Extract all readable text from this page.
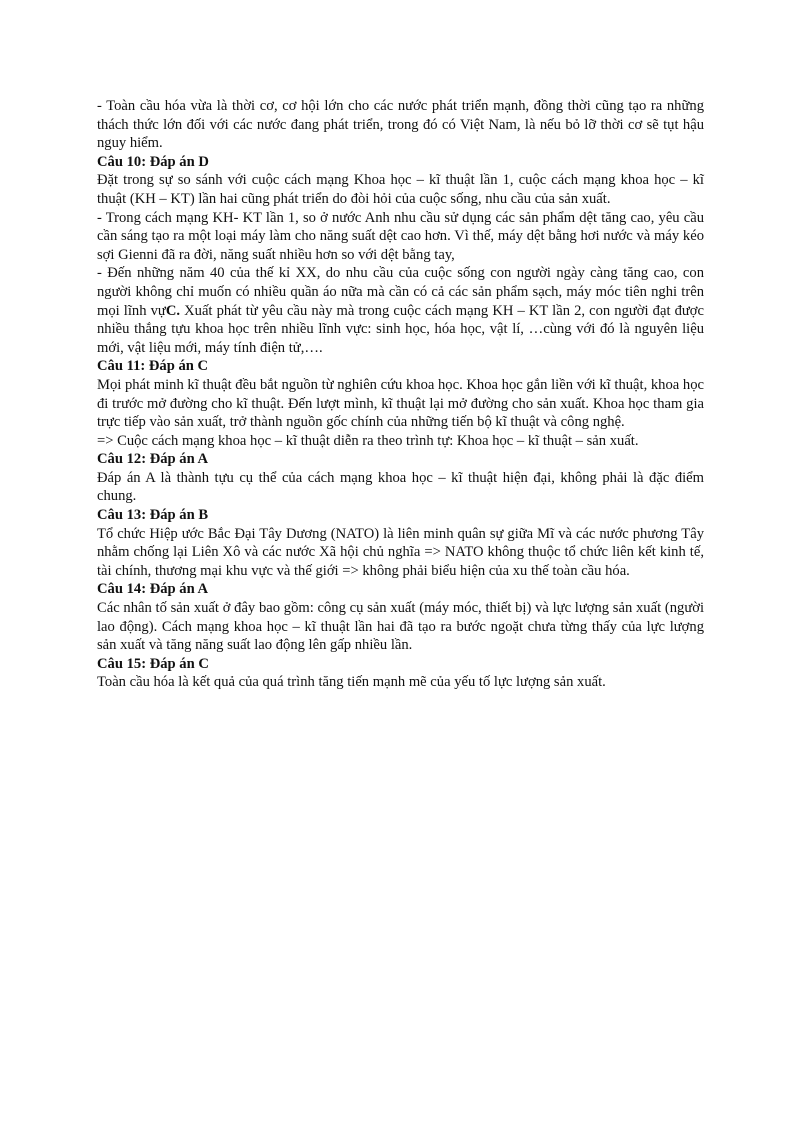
- Toàn cầu hóa vừa là thời cơ, cơ hội lớn cho các nước phát triển mạnh, đồng thời cũng tạo ra những thách thức lớn đối với các nước đang phát triển, trong đó có Việt Nam, là nếu bỏ lỡ thời cơ sẽ tụt hậu nguy hiểm.

Câu 10: Đáp án D

Đặt trong sự so sánh với cuộc cách mạng Khoa học – kĩ thuật lần 1, cuộc cách mạng khoa học – kĩ thuật (KH – KT) lần hai cũng phát triển do đòi hỏi của cuộc sống, nhu cầu của sản xuất.

- Trong cách mạng KH- KT lần 1, so ở nước Anh nhu cầu sử dụng các sản phẩm dệt tăng cao, yêu cầu cần sáng tạo ra một loại máy làm cho năng suất dệt cao hơn. Vì thế, máy dệt bằng hơi nước và máy kéo sợi Gienni đã ra đời, năng suất nhiều hơn so với dệt bằng tay,

- Đến những năm 40 của thế kỉ XX, do nhu cầu của cuộc sống con người ngày càng tăng cao, con người không chỉ muốn có nhiều quần áo nữa mà cần có cả các sản phẩm sạch, máy móc tiên nghi trên mọi lĩnh vựC. Xuất phát từ yêu cầu này mà trong cuộc cách mạng KH – KT lần 2, con người đạt được nhiều thắng tựu khoa học trên nhiều lĩnh vực: sinh học, hóa học, vật lí, …cùng với đó là nguyên liệu mới, vật liệu mới, máy tính điện tử,….

Câu 11: Đáp án C

Mọi phát minh kĩ thuật đều bắt nguồn từ nghiên cứu khoa học. Khoa học gắn liền với kĩ thuật, khoa học đi trước mở đường cho kĩ thuật. Đến lượt mình, kĩ thuật lại mở đường cho sản xuất. Khoa học tham gia trực tiếp vào sản xuất, trở thành nguồn gốc chính của những tiến bộ kĩ thuật và công nghệ.

=> Cuộc cách mạng khoa học – kĩ thuật diễn ra theo trình tự: Khoa học – kĩ thuật – sản xuất.

Câu 12: Đáp án A

Đáp án A là thành tựu cụ thể của cách mạng khoa học – kĩ thuật hiện đại, không phải là đặc điểm chung.

Câu 13: Đáp án B

Tổ chức Hiệp ước Bắc Đại Tây Dương (NATO) là liên minh quân sự giữa Mĩ và các nước phương Tây nhằm chống lại Liên Xô và các nước Xã hội chủ nghĩa => NATO không thuộc tổ chức liên kết kinh tế, tài chính, thương mại khu vực và thế giới => không phải biểu hiện của xu thế toàn cầu hóa.

Câu 14: Đáp án A

Các nhân tố sản xuất ở đây bao gồm: công cụ sản xuất (máy móc, thiết bị) và lực lượng sản xuất (người lao động). Cách mạng khoa học – kĩ thuật lần hai đã tạo ra bước ngoặt chưa từng thấy của lực lượng sản xuất và tăng năng suất lao động lên gấp nhiều lần.

Câu 15: Đáp án C

Toàn cầu hóa là kết quả của quá trình tăng tiến mạnh mẽ của yếu tố lực lượng sản xuất.
